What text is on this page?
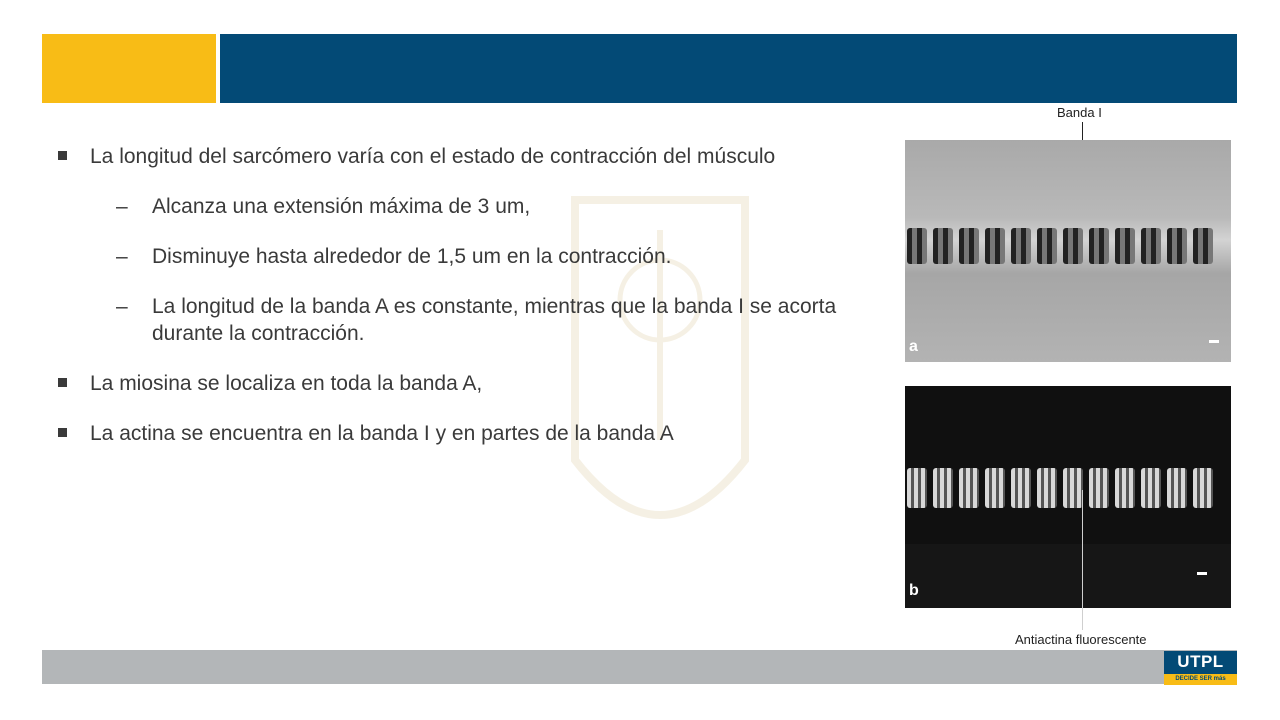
La longitud del sarcómero varía con el estado de contracción del músculo
– Alcanza una extensión máxima de 3 um,
– Disminuye hasta alrededor de 1,5 um en la contracción.
– La longitud de la banda A es constante, mientras que la banda I se acorta durante la contracción.
La miosina se localiza en toda la banda A,
La actina se encuentra en la banda I y en partes de la banda A
Banda I
a
b
Antiactina fluorescente
UTPL
DECIDE SER más
